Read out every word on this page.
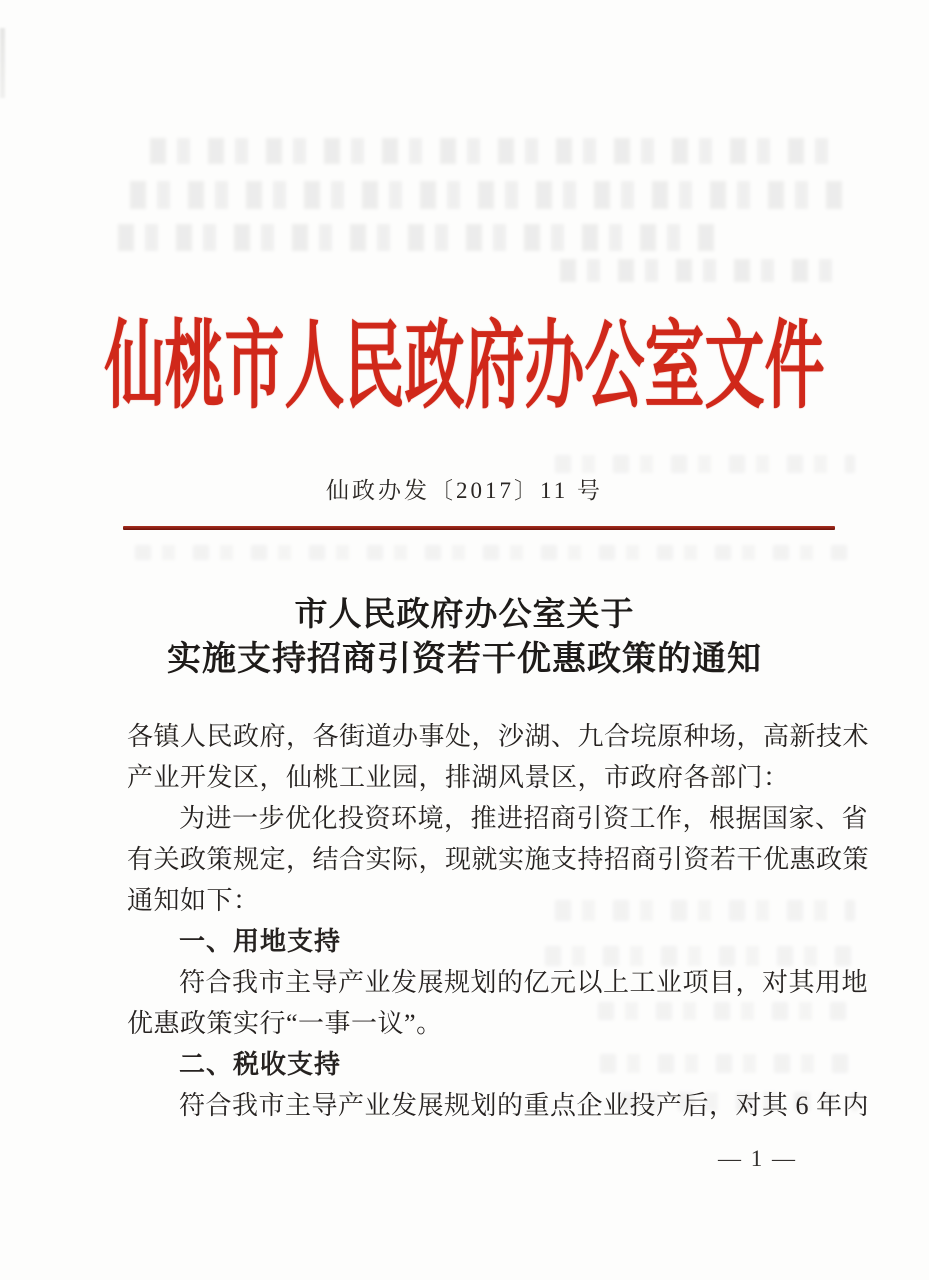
仙桃市人民政府办公室文件
仙政办发〔2017〕11 号
市人民政府办公室关于
实施支持招商引资若干优惠政策的通知
各镇人民政府，各街道办事处，沙湖、九合垸原种场，高新技术
产业开发区，仙桃工业园，排湖风景区，市政府各部门：
为进一步优化投资环境，推进招商引资工作，根据国家、省
有关政策规定，结合实际，现就实施支持招商引资若干优惠政策
通知如下：
一、用地支持
符合我市主导产业发展规划的亿元以上工业项目，对其用地
优惠政策实行“一事一议”。
二、税收支持
符合我市主导产业发展规划的重点企业投产后，对其 6 年内
— 1 —
